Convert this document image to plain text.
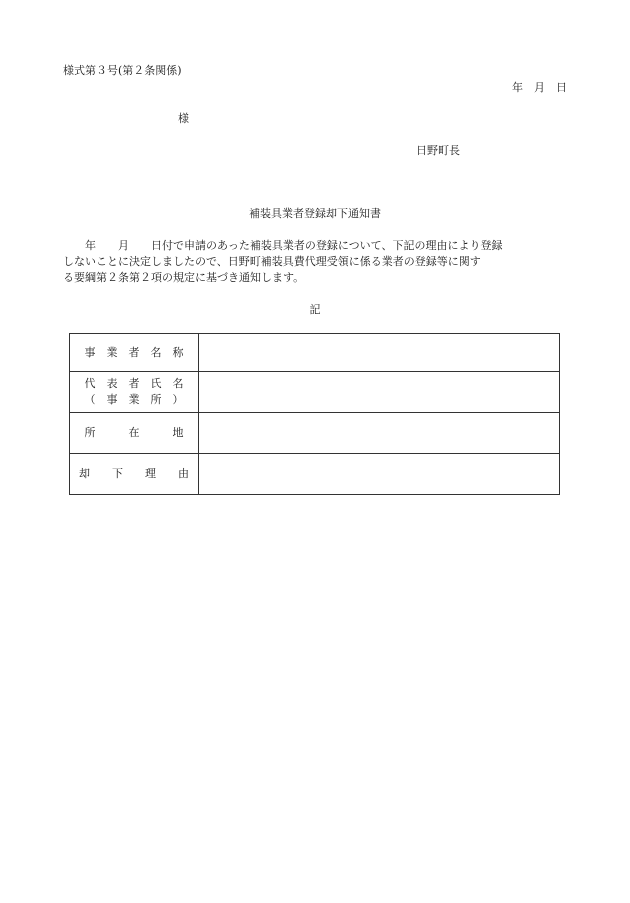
様式第３号(第２条関係)
年　月　日
様
日野町長
補装具業者登録却下通知書
　　年　　月　　日付で申請のあった補装具業者の登録について、下記の理由により登録
しないことに決定しましたので、日野町補装具費代理受領に係る業者の登録等に関す
る要綱第２条第２項の規定に基づき通知します。
記
事　業　者　名　称	

代　表　者　氏　名
（　事　業　所　）	

所　　　在　　　地	

却　　下　　理　　由	
